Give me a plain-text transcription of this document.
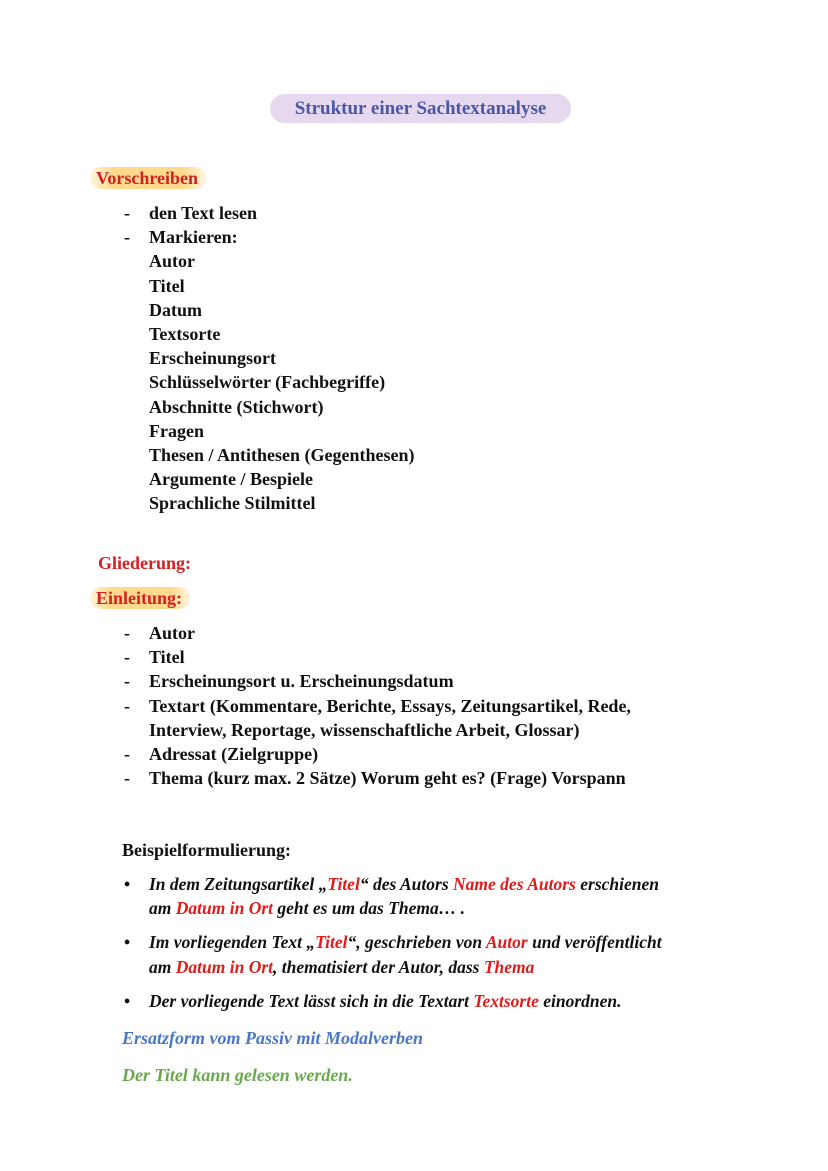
Struktur einer Sachtextanalyse
Vorschreiben
- den Text lesen
- Markieren:
Autor
Titel
Datum
Textsorte
Erscheinungsort
Schlüsselwörter (Fachbegriffe)
Abschnitte (Stichwort)
Fragen
Thesen / Antithesen (Gegenthesen)
Argumente / Bespiele
Sprachliche Stilmittel
Gliederung:
Einleitung:
- Autor
- Titel
- Erscheinungsort u. Erscheinungsdatum
- Textart (Kommentare, Berichte, Essays, Zeitungsartikel, Rede,
Interview, Reportage, wissenschaftliche Arbeit, Glossar)
- Adressat (Zielgruppe)
- Thema (kurz max. 2 Sätze) Worum geht es? (Frage) Vorspann
Beispielformulierung:
• In dem Zeitungsartikel „Titel“ des Autors Name des Autors erschienen
am Datum in Ort geht es um das Thema… .
• Im vorliegenden Text „Titel“, geschrieben von Autor und veröffentlicht
am Datum in Ort, thematisiert der Autor, dass Thema
• Der vorliegende Text lässt sich in die Textart Textsorte einordnen.
Ersatzform vom Passiv mit Modalverben
Der Titel kann gelesen werden.
